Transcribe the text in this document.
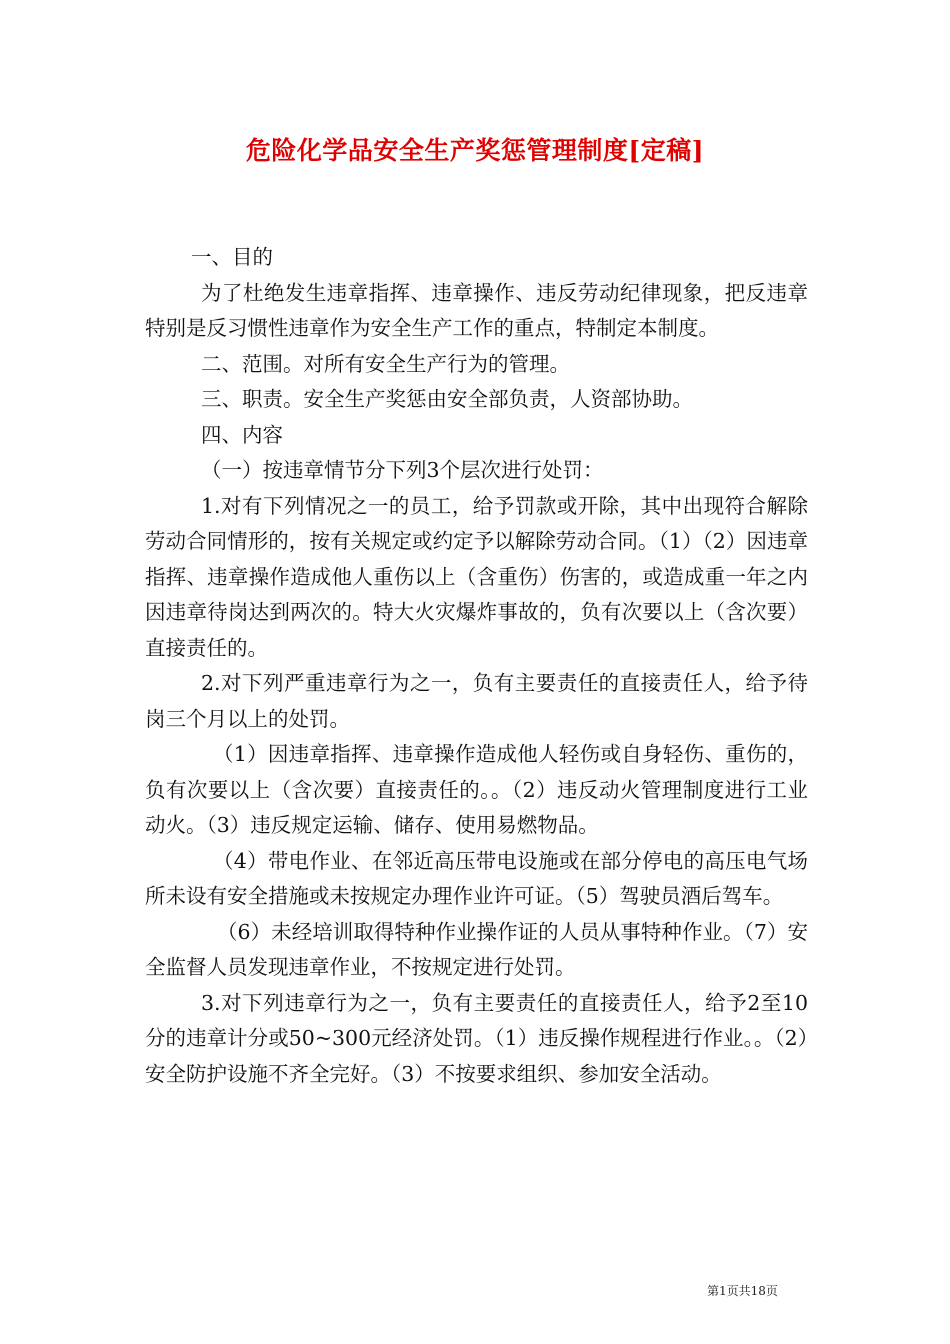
危险化学品安全生产奖惩管理制度[定稿]

一、目的

为了杜绝发生违章指挥、违章操作、违反劳动纪律现象，把反违章特别是反习惯性违章作为安全生产工作的重点，特制定本制度。

二、范围。对所有安全生产行为的管理。

三、职责。安全生产奖惩由安全部负责，人资部协助。

四、内容

（一）按违章情节分下列3个层次进行处罚：

1.对有下列情况之一的员工，给予罚款或开除，其中出现符合解除劳动合同情形的，按有关规定或约定予以解除劳动合同。（1）（2）因违章指挥、违章操作造成他人重伤以上（含重伤）伤害的，或造成重一年之内因违章待岗达到两次的。特大火灾爆炸事故的，负有次要以上（含次要）直接责任的。

2.对下列严重违章行为之一，负有主要责任的直接责任人，给予待岗三个月以上的处罚。

（1）因违章指挥、违章操作造成他人轻伤或自身轻伤、重伤的，负有次要以上（含次要）直接责任的。。（2）违反动火管理制度进行工业动火。（3）违反规定运输、储存、使用易燃物品。

（4）带电作业、在邻近高压带电设施或在部分停电的高压电气场所未设有安全措施或未按规定办理作业许可证。（5）驾驶员酒后驾车。

（6）未经培训取得特种作业操作证的人员从事特种作业。（7）安全监督人员发现违章作业，不按规定进行处罚。

3.对下列违章行为之一，负有主要责任的直接责任人，给予2至10分的违章计分或50~300元经济处罚。（1）违反操作规程进行作业。。（2）安全防护设施不齐全完好。（3）不按要求组织、参加安全活动。

第1页共18页
